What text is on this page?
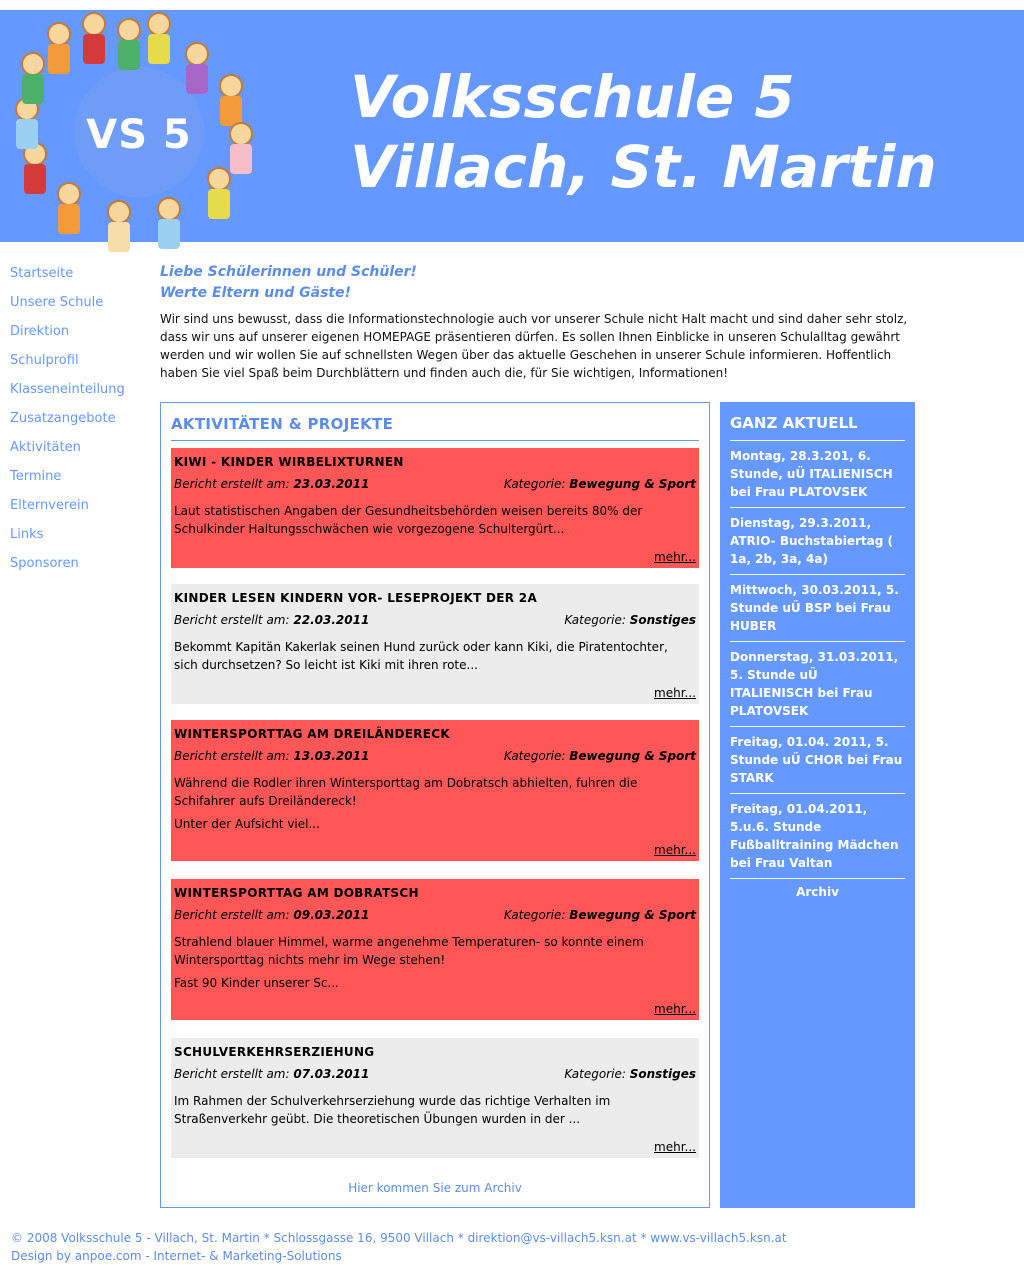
VS 5
Volksschule 5
Villach, St. Martin
Startseite
Unsere Schule
Direktion
Schulprofil
Klasseneinteilung
Zusatzangebote
Aktivitäten
Termine
Elternverein
Links
Sponsoren
Liebe Schülerinnen und Schüler!
Werte Eltern und Gäste!

Wir sind uns bewusst, dass die Informationstechnologie auch vor unserer Schule nicht Halt macht und sind daher sehr stolz, dass wir uns auf unserer eigenen HOMEPAGE präsentieren dürfen. Es sollen Ihnen Einblicke in unseren Schulalltag gewährt werden und wir wollen Sie auf schnellsten Wegen über das aktuelle Geschehen in unserer Schule informieren. Hoffentlich haben Sie viel Spaß beim Durchblättern und finden auch die, für Sie wichtigen, Informationen!

AKTIVITÄTEN & PROJEKTE
KIWI - KINDER WIRBELIXTURNEN
Bericht erstellt am: 23.03.2011	Kategorie: Bewegung & Sport

Laut statistischen Angaben der Gesundheitsbehörden weisen bereits 80% der Schulkinder Haltungsschwächen wie vorgezogene Schultergürt...

mehr...
KINDER LESEN KINDERN VOR- LESEPROJEKT DER 2A
Bericht erstellt am: 22.03.2011	Kategorie: Sonstiges

Bekommt Kapitän Kakerlak seinen Hund zurück oder kann Kiki, die Piratentochter, sich durchsetzen? So leicht ist Kiki mit ihren rote...

mehr...
WINTERSPORTTAG AM DREILÄNDERECK
Bericht erstellt am: 13.03.2011	Kategorie: Bewegung & Sport

Während die Rodler ihren Wintersporttag am Dobratsch abhielten, fuhren die Schifahrer aufs Dreiländereck!

Unter der Aufsicht viel...

mehr...
WINTERSPORTTAG AM DOBRATSCH
Bericht erstellt am: 09.03.2011	Kategorie: Bewegung & Sport

Strahlend blauer Himmel, warme angenehme Temperaturen- so konnte einem Wintersporttag nichts mehr im Wege stehen!

Fast 90 Kinder unserer Sc...

mehr...
SCHULVERKEHRSERZIEHUNG
Bericht erstellt am: 07.03.2011	Kategorie: Sonstiges

Im Rahmen der Schulverkehrserziehung wurde das richtige Verhalten im Straßenverkehr geübt. Die theoretischen Übungen wurden in der ...

mehr...
Hier kommen Sie zum Archiv
GANZ AKTUELL
Montag, 28.3.201, 6. Stunde, uÜ ITALIENISCH bei Frau PLATOVSEK
Dienstag, 29.3.2011, ATRIO- Buchstabiertag ( 1a, 2b, 3a, 4a)
Mittwoch, 30.03.2011, 5. Stunde uÜ BSP bei Frau HUBER
Donnerstag, 31.03.2011, 5. Stunde uÜ ITALIENISCH bei Frau PLATOVSEK
Freitag, 01.04. 2011, 5. Stunde uÜ CHOR bei Frau STARK
Freitag, 01.04.2011, 5.u.6. Stunde Fußballtraining Mädchen bei Frau Valtan
Archiv
© 2008 Volksschule 5 - Villach, St. Martin * Schlossgasse 16, 9500 Villach * direktion@vs-villach5.ksn.at * www.vs-villach5.ksn.at
Design by anpoe.com - Internet- & Marketing-Solutions
